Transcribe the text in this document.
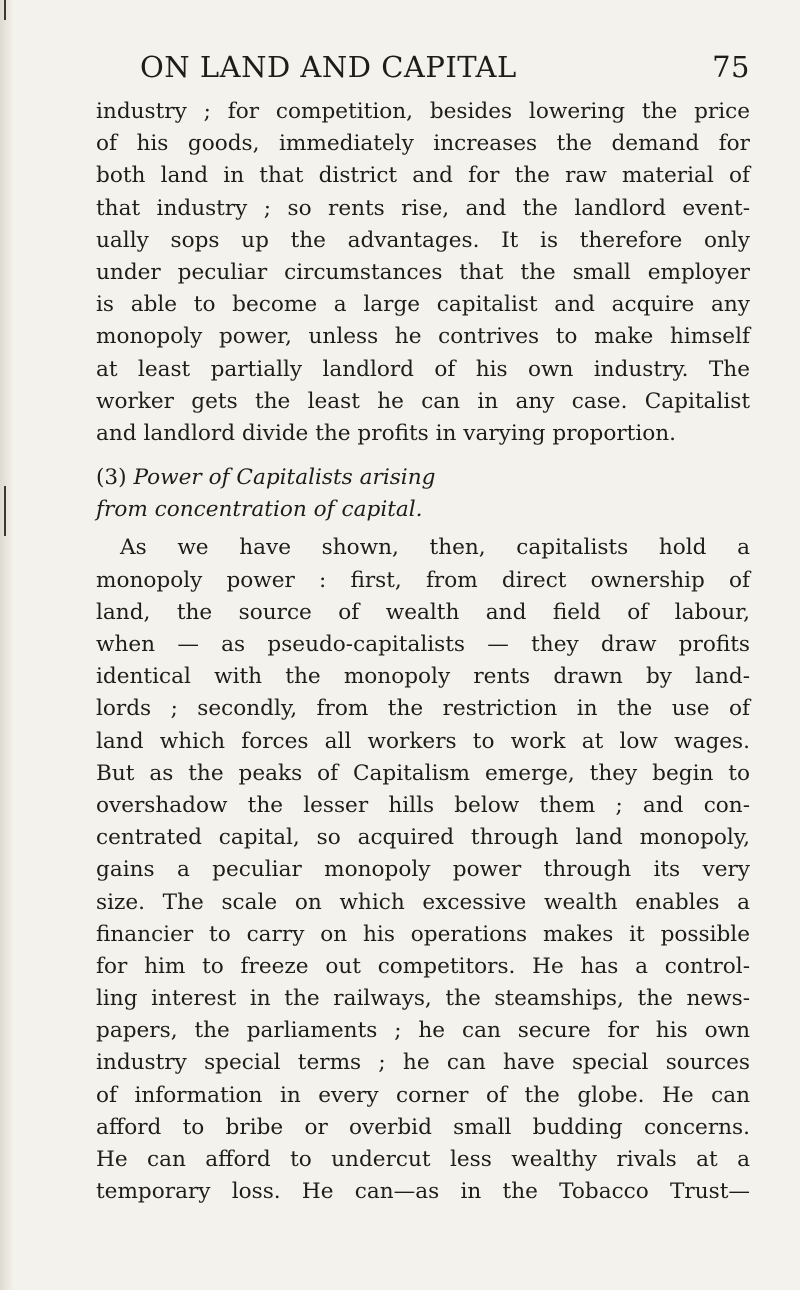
ON LAND AND CAPITAL	75
industry ; for competition, besides lowering the price
of his goods, immediately increases the demand for
both land in that district and for the raw material of
that industry ; so rents rise, and the landlord event-
ually sops up the advantages. It is therefore only
under peculiar circumstances that the small employer
is able to become a large capitalist and acquire any
monopoly power, unless he contrives to make himself
at least partially landlord of his own industry. The
worker gets the least he can in any case. Capitalist
and landlord divide the profits in varying proportion.
(3) Power of Capitalists arising
from concentration of capital.
As we have shown, then, capitalists hold a
monopoly power : first, from direct ownership of
land, the source of wealth and field of labour,
when — as pseudo-capitalists — they draw profits
identical with the monopoly rents drawn by land-
lords ; secondly, from the restriction in the use of
land which forces all workers to work at low wages.
But as the peaks of Capitalism emerge, they begin to
overshadow the lesser hills below them ; and con-
centrated capital, so acquired through land monopoly,
gains a peculiar monopoly power through its very
size. The scale on which excessive wealth enables a
financier to carry on his operations makes it possible
for him to freeze out competitors. He has a control-
ling interest in the railways, the steamships, the news-
papers, the parliaments ; he can secure for his own
industry special terms ; he can have special sources
of information in every corner of the globe. He can
afford to bribe or overbid small budding concerns.
He can afford to undercut less wealthy rivals at a
temporary loss. He can—as in the Tobacco Trust—
